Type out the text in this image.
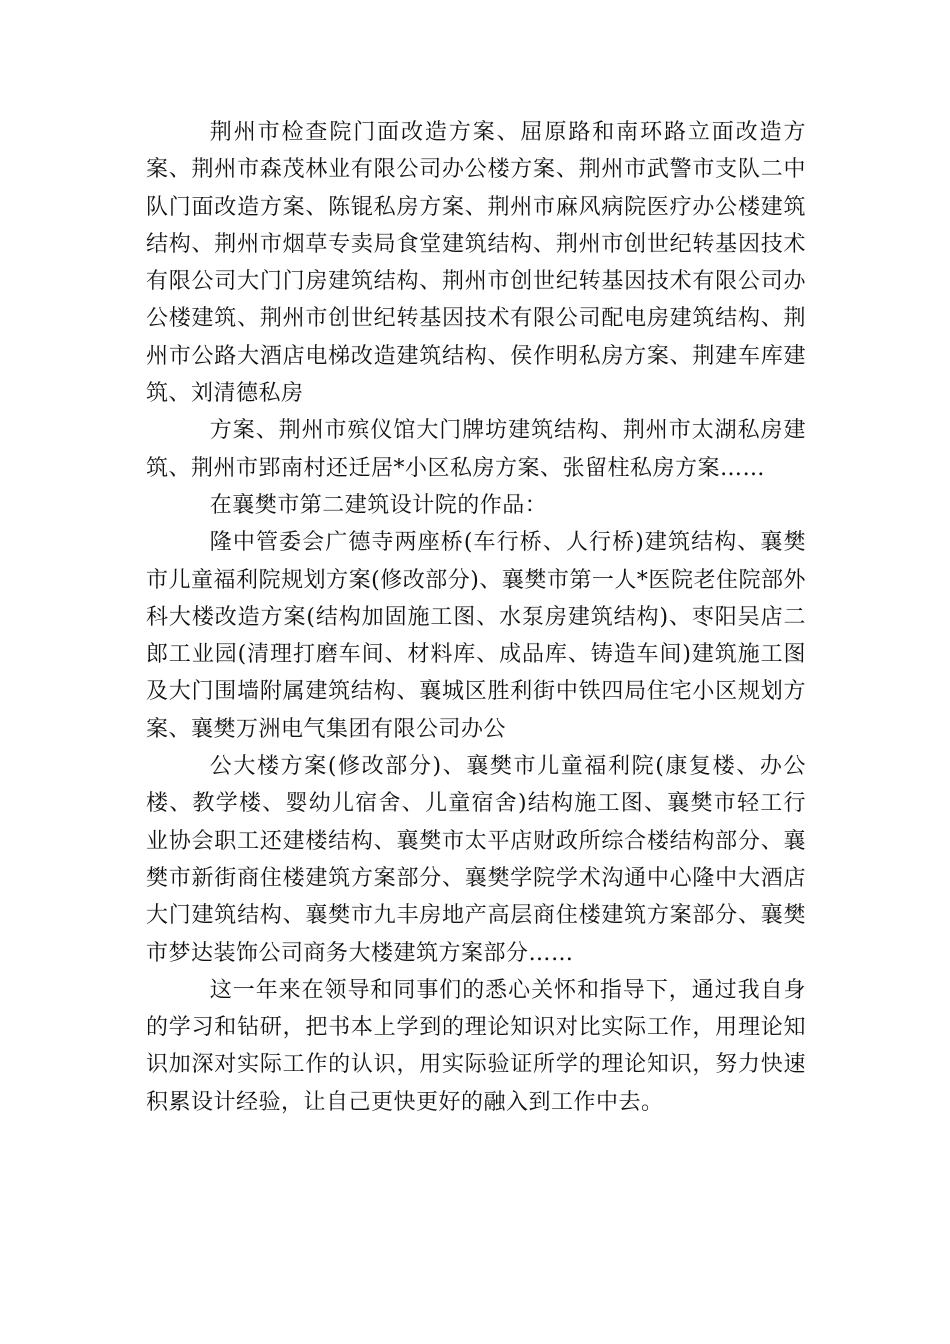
荆州市检查院门面改造方案、屈原路和南环路立面改造方案、荆州市森茂林业有限公司办公楼方案、荆州市武警市支队二中队门面改造方案、陈锟私房方案、荆州市麻风病院医疗办公楼建筑结构、荆州市烟草专卖局食堂建筑结构、荆州市创世纪转基因技术有限公司大门门房建筑结构、荆州市创世纪转基因技术有限公司办公楼建筑、荆州市创世纪转基因技术有限公司配电房建筑结构、荆州市公路大酒店电梯改造建筑结构、侯作明私房方案、荆建车库建筑、刘清德私房

方案、荆州市殡仪馆大门牌坊建筑结构、荆州市太湖私房建筑、荆州市郢南村还迁居*小区私房方案、张留柱私房方案……

在襄樊市第二建筑设计院的作品：

隆中管委会广德寺两座桥(车行桥、人行桥)建筑结构、襄樊市儿童福利院规划方案(修改部分)、襄樊市第一人*医院老住院部外科大楼改造方案(结构加固施工图、水泵房建筑结构)、枣阳吴店二郎工业园(清理打磨车间、材料库、成品库、铸造车间)建筑施工图及大门围墙附属建筑结构、襄城区胜利街中铁四局住宅小区规划方案、襄樊万洲电气集团有限公司办公

公大楼方案(修改部分)、襄樊市儿童福利院(康复楼、办公楼、教学楼、婴幼儿宿舍、儿童宿舍)结构施工图、襄樊市轻工行业协会职工还建楼结构、襄樊市太平店财政所综合楼结构部分、襄樊市新街商住楼建筑方案部分、襄樊学院学术沟通中心隆中大酒店大门建筑结构、襄樊市九丰房地产高层商住楼建筑方案部分、襄樊市梦达装饰公司商务大楼建筑方案部分……

这一年来在领导和同事们的悉心关怀和指导下，通过我自身的学习和钻研，把书本上学到的理论知识对比实际工作，用理论知识加深对实际工作的认识，用实际验证所学的理论知识，努力快速积累设计经验，让自己更快更好的融入到工作中去。
